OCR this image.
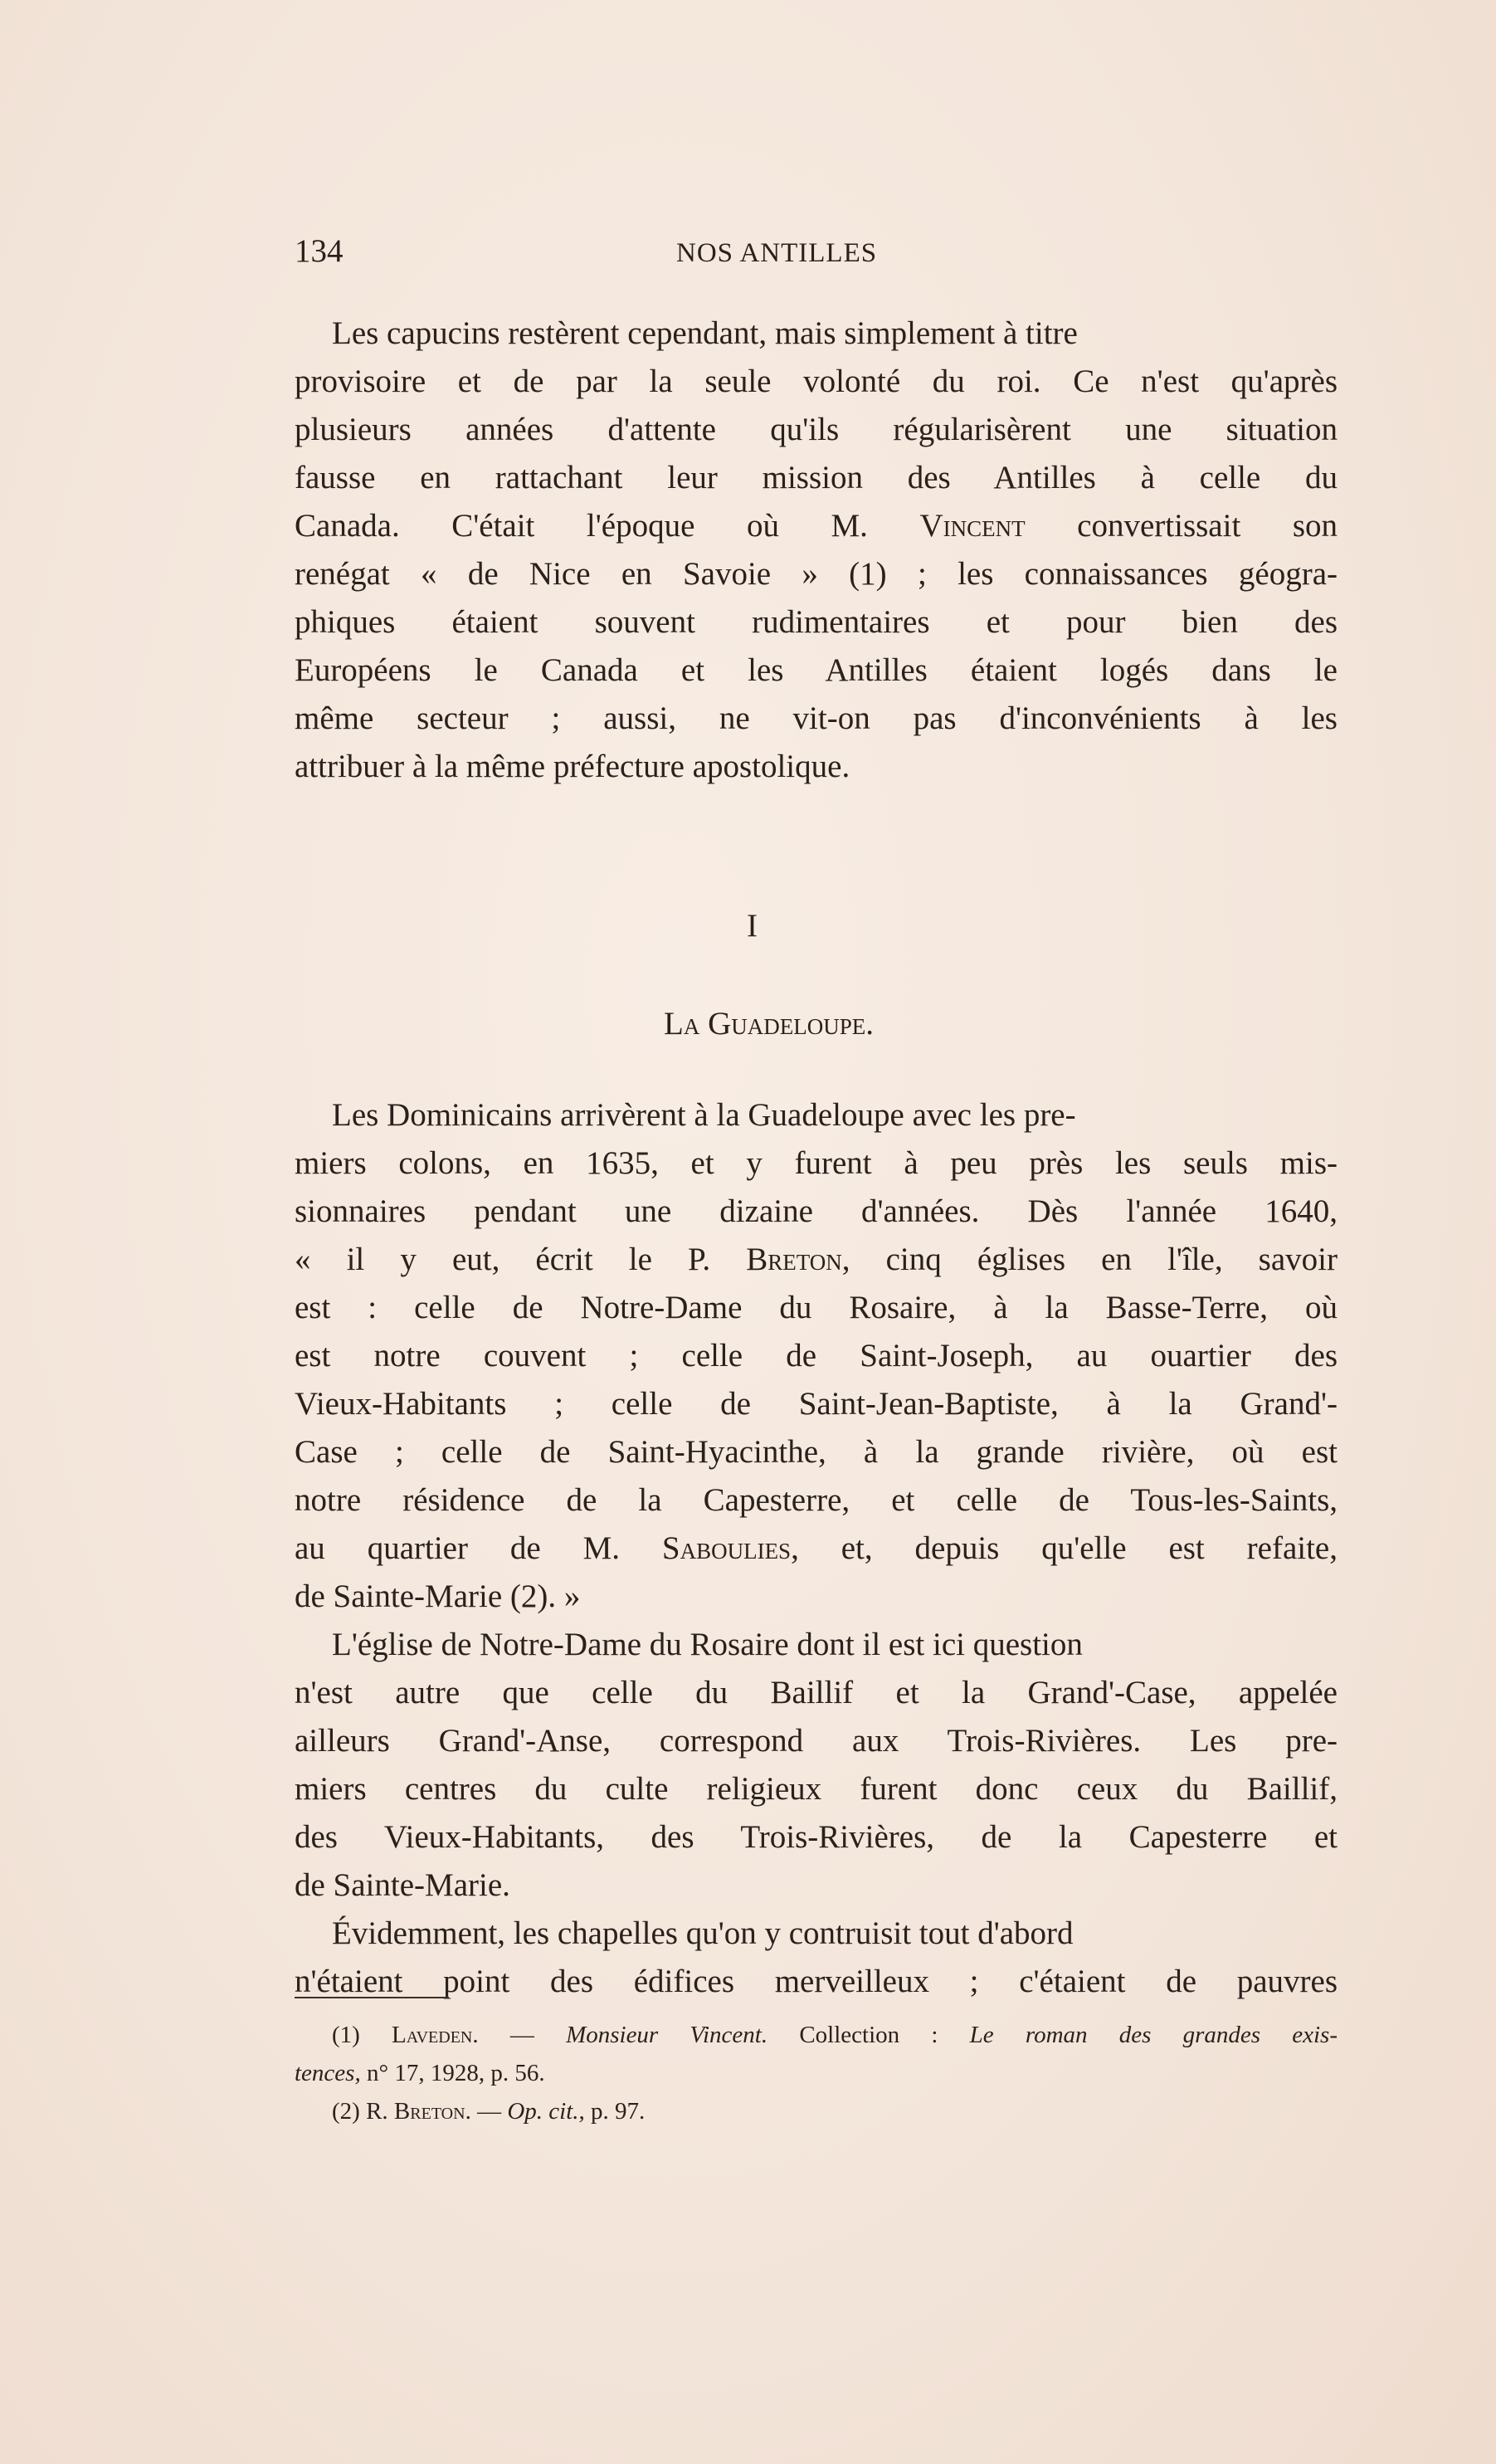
134	NOS ANTILLES
Les capucins restèrent cependant, mais simplement à titre
provisoire et de par la seule volonté du roi. Ce n'est qu'après
plusieurs années d'attente qu'ils régularisèrent une situation
fausse en rattachant leur mission des Antilles à celle du
Canada. C'était l'époque où M. Vincent convertissait son
renégat « de Nice en Savoie » (1) ; les connaissances géogra-
phiques étaient souvent rudimentaires et pour bien des
Européens le Canada et les Antilles étaient logés dans le
même secteur ; aussi, ne vit-on pas d'inconvénients à les
attribuer à la même préfecture apostolique.
I
La Guadeloupe.
Les Dominicains arrivèrent à la Guadeloupe avec les pre-
miers colons, en 1635, et y furent à peu près les seuls mis-
sionnaires pendant une dizaine d'années. Dès l'année 1640,
« il y eut, écrit le P. Breton, cinq églises en l'île, savoir
est : celle de Notre-Dame du Rosaire, à la Basse-Terre, où
est notre couvent ; celle de Saint-Joseph, au ouartier des
Vieux-Habitants ; celle de Saint-Jean-Baptiste, à la Grand'-
Case ; celle de Saint-Hyacinthe, à la grande rivière, où est
notre résidence de la Capesterre, et celle de Tous-les-Saints,
au quartier de M. Saboulies, et, depuis qu'elle est refaite,
de Sainte-Marie (2). »
L'église de Notre-Dame du Rosaire dont il est ici question
n'est autre que celle du Baillif et la Grand'-Case, appelée
ailleurs Grand'-Anse, correspond aux Trois-Rivières. Les pre-
miers centres du culte religieux furent donc ceux du Baillif,
des Vieux-Habitants, des Trois-Rivières, de la Capesterre et
de Sainte-Marie.
Évidemment, les chapelles qu'on y contruisit tout d'abord
n'étaient point des édifices merveilleux ; c'étaient de pauvres
(1) Laveden. — Monsieur Vincent. Collection : Le roman des grandes exis-
tences, n° 17, 1928, p. 56.
(2) R. Breton. — Op. cit., p. 97.
